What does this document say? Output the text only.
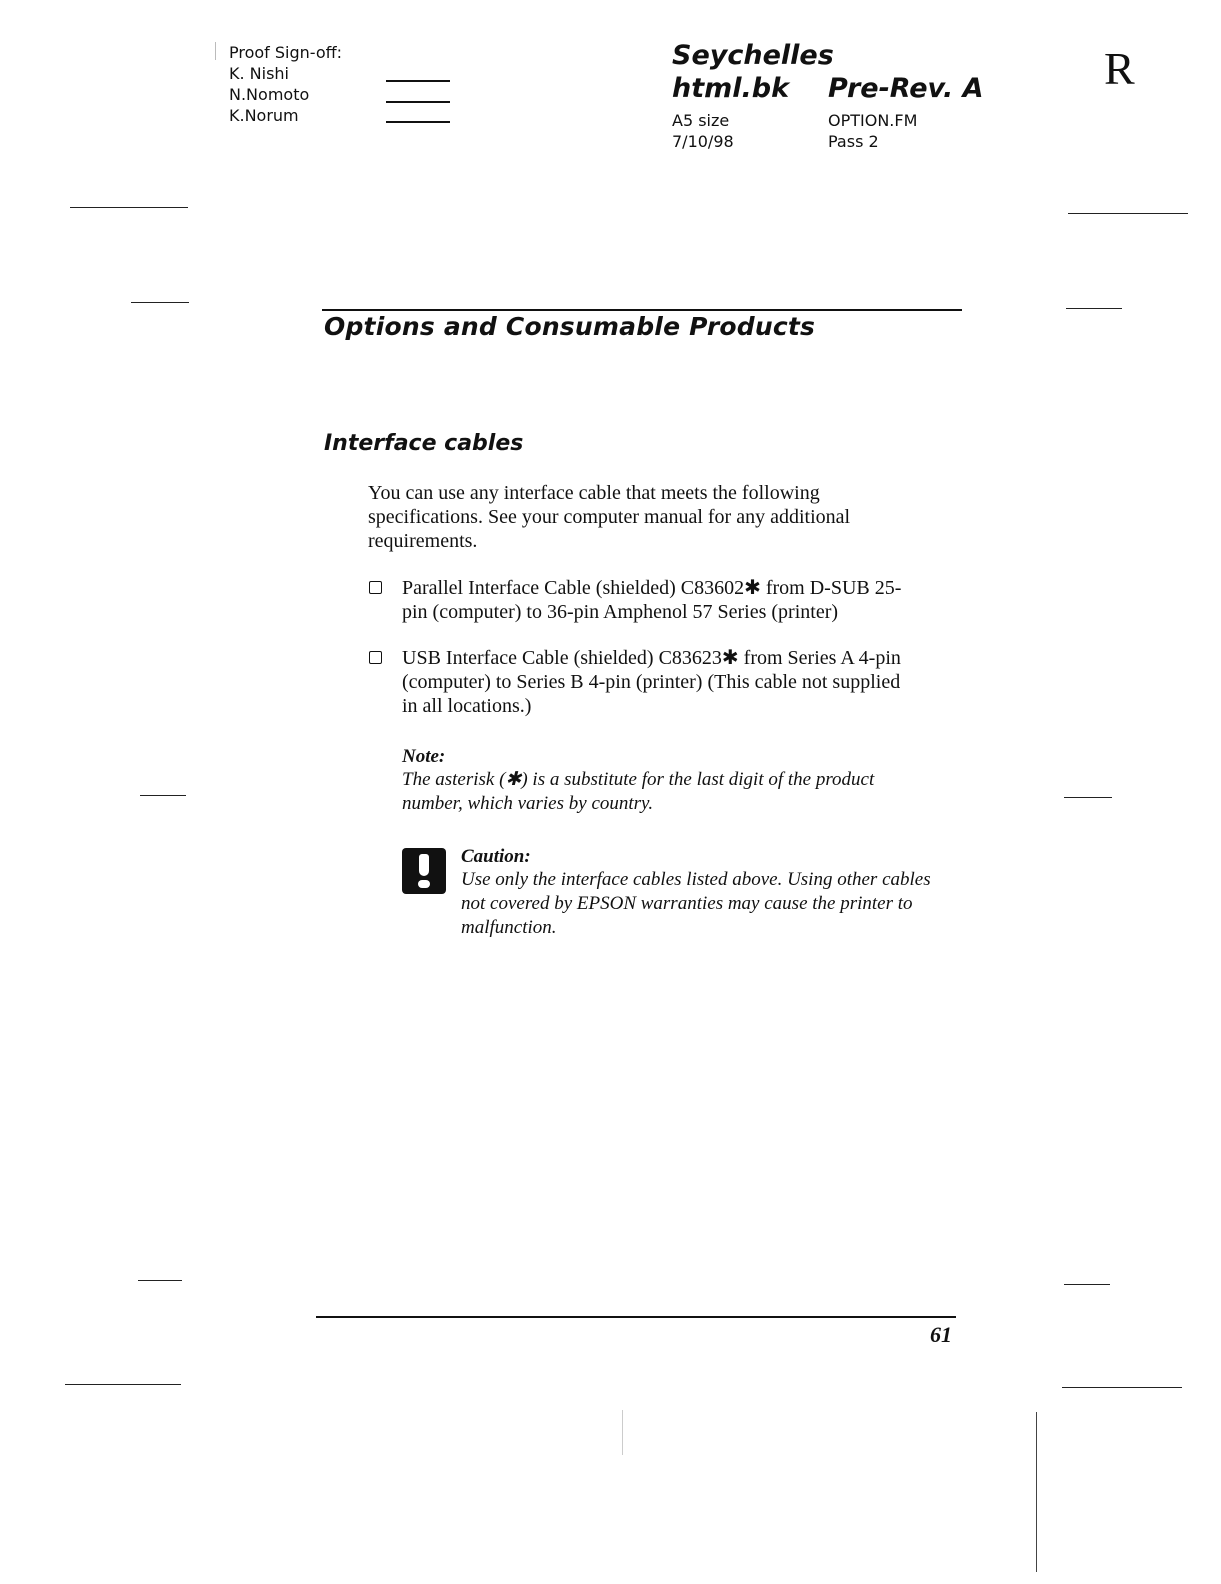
Proof Sign-off:
K. Nishi
N.Nomoto
K.Norum
Seychelles
html.bk Pre-Rev. A
A5 size
7/10/98
OPTION.FM
Pass 2
R
Options and Consumable Products
Interface cables
You can use any interface cable that meets the following
specifications. See your computer manual for any additional
requirements.
Parallel Interface Cable (shielded) C83602✱ from D-SUB 25-
pin (computer) to 36-pin Amphenol 57 Series (printer)
USB Interface Cable (shielded) C83623✱ from Series A 4-pin
(computer) to Series B 4-pin (printer) (This cable not supplied
in all locations.)
Note:
The asterisk (✱) is a substitute for the last digit of the product
number, which varies by country.
Caution:
Use only the interface cables listed above. Using other cables
not covered by EPSON warranties may cause the printer to
malfunction.
61
